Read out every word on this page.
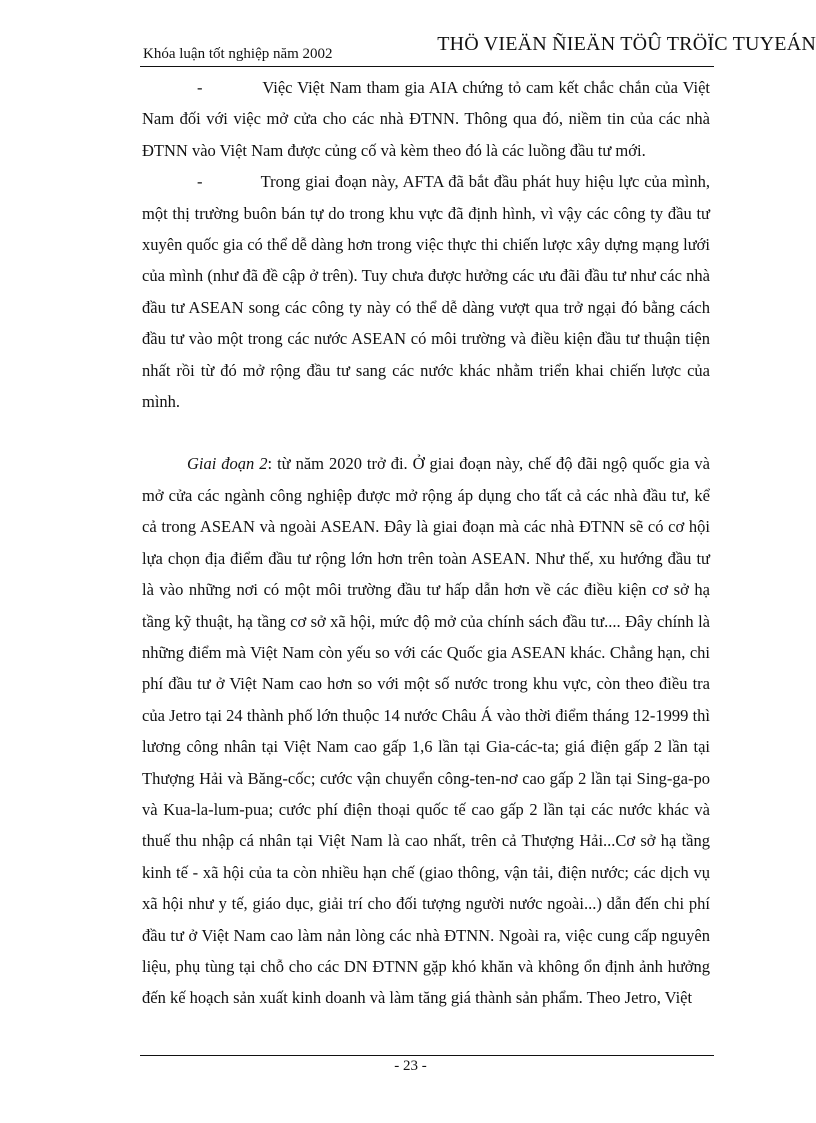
Khóa luận tốt nghiệp năm 2002	THÖ VIEÄN ÑIEÄN TÖÛ TRÖÏC TUYEÁN

-            Việc Việt Nam tham gia AIA chứng tỏ cam kết chắc chắn của Việt Nam đối với việc mở cửa cho các nhà ĐTNN. Thông qua đó, niềm tin của các nhà ĐTNN vào Việt Nam được củng cố và kèm theo đó là các luồng đầu tư mới.

-            Trong giai đoạn này, AFTA đã bắt đầu phát huy hiệu lực của mình, một thị trường buôn bán tự do trong khu vực đã định hình, vì vậy các công ty đầu tư xuyên quốc gia có thể dễ dàng hơn trong việc thực thi chiến lược xây dựng mạng lưới của mình (như đã đề cập ở trên). Tuy chưa được hưởng các ưu đãi đầu tư như các nhà đầu tư ASEAN song các công ty này có thể dễ dàng vượt qua trở ngại đó bằng cách đầu tư vào một trong các nước ASEAN có môi trường và điều kiện đầu tư thuận tiện nhất rồi từ đó mở rộng đầu tư sang các nước khác nhằm triển khai chiến lược của mình.

Giai đoạn 2: từ năm 2020 trở đi. Ở giai đoạn này, chế độ đãi ngộ quốc gia và mở cửa các ngành công nghiệp được mở rộng áp dụng cho tất cả các nhà đầu tư, kể cả trong ASEAN và ngoài ASEAN. Đây là giai đoạn mà các nhà ĐTNN sẽ có cơ hội lựa chọn địa điểm đầu tư rộng lớn hơn trên toàn ASEAN. Như thế, xu hướng đầu tư là vào những nơi có một môi trường đầu tư hấp dẫn hơn về các điều kiện cơ sở hạ tầng kỹ thuật, hạ tầng cơ sở xã hội, mức độ mở của chính sách đầu tư.... Đây chính là những điểm mà Việt Nam còn yếu so với các Quốc gia ASEAN khác. Chẳng hạn, chi phí đầu tư ở Việt Nam cao hơn so với một số nước trong khu vực, còn theo điều tra của Jetro tại 24 thành phố lớn thuộc 14 nước Châu Á vào thời điểm tháng 12-1999 thì lương công nhân tại Việt Nam cao gấp 1,6 lần tại Gia-các-ta; giá điện gấp 2 lần tại Thượng Hải và Băng-cốc; cước vận chuyển công-ten-nơ cao gấp 2 lần tại Sing-ga-po và Kua-la-lum-pua; cước phí điện thoại quốc tế cao gấp 2 lần tại các nước khác và thuế thu nhập cá nhân tại Việt Nam là cao nhất, trên cả Thượng Hải...Cơ sở hạ tầng kinh tế - xã hội của ta còn nhiều hạn chế (giao thông, vận tải, điện nước; các dịch vụ xã hội như y tế, giáo dục, giải trí cho đối tượng người nước ngoài...) dẫn đến chi phí đầu tư ở Việt Nam cao làm nản lòng các nhà ĐTNN. Ngoài ra, việc cung cấp nguyên liệu, phụ tùng tại chỗ cho các DN ĐTNN gặp khó khăn và không ổn định ảnh hưởng đến kế hoạch sản xuất kinh doanh và làm tăng giá thành sản phẩm. Theo Jetro, Việt

- 23 -
